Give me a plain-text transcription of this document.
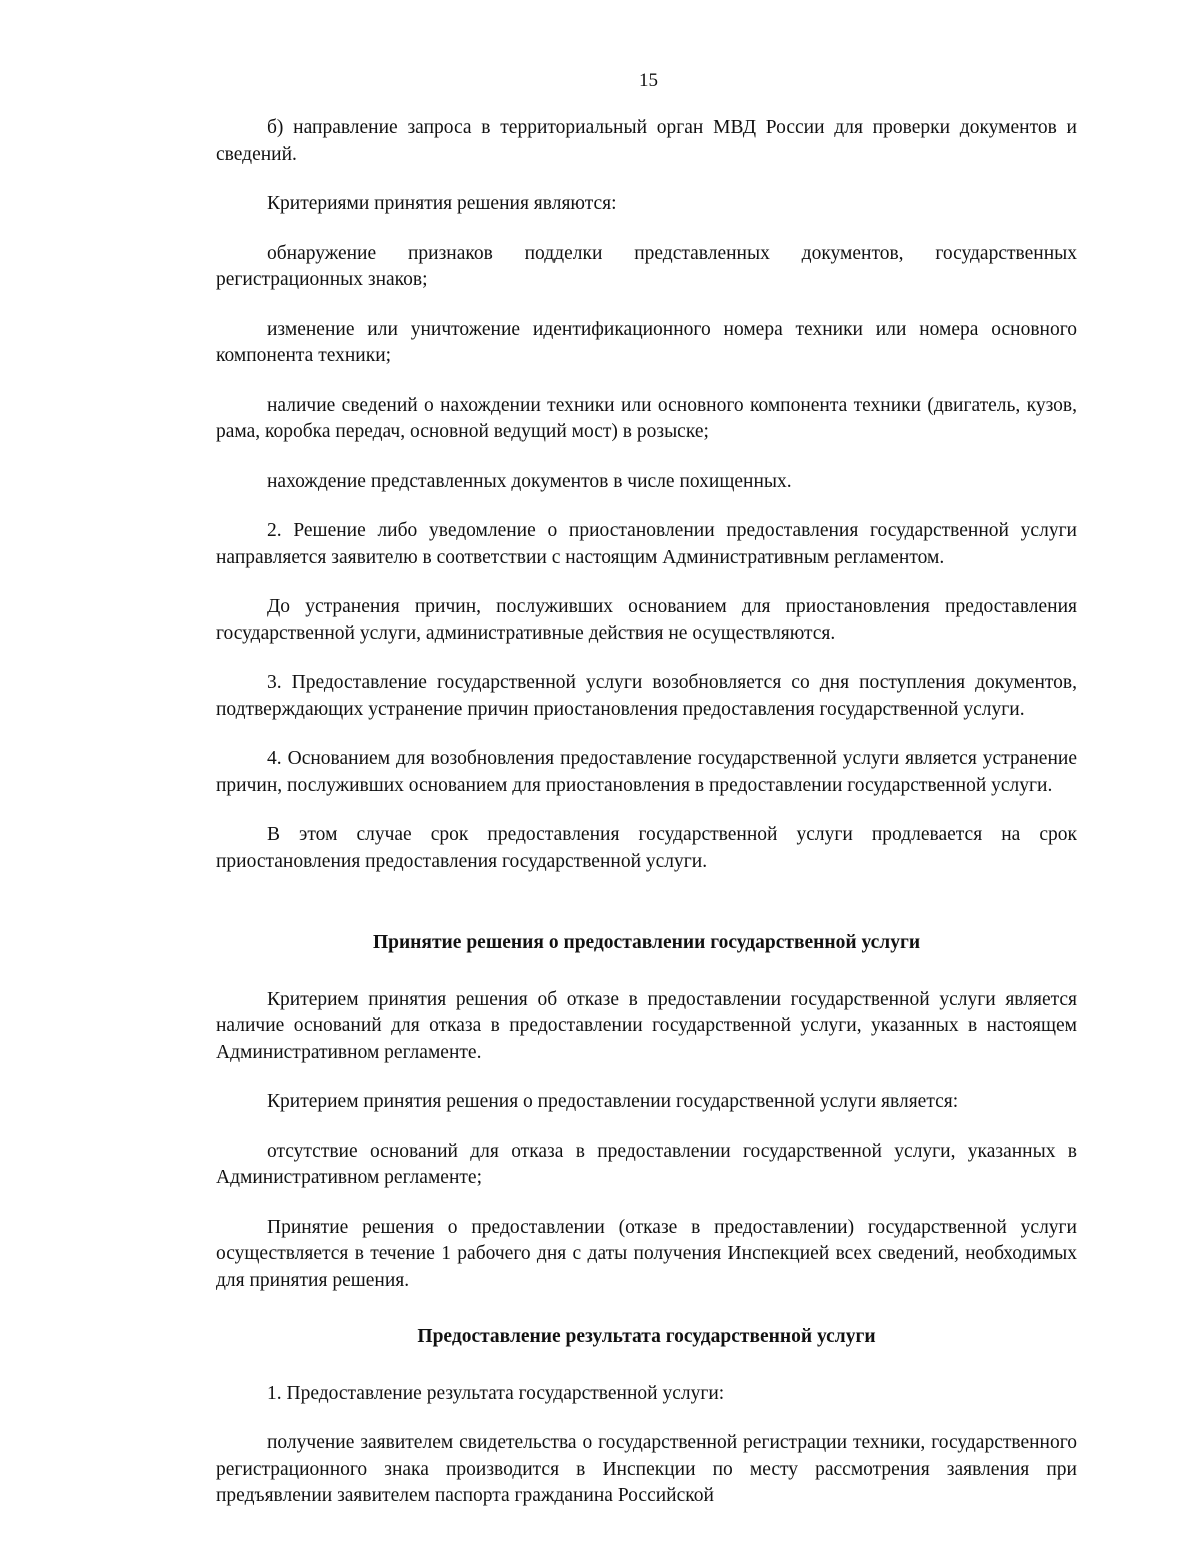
15

б) направление запроса в территориальный орган МВД России для проверки документов и сведений.

Критериями принятия решения являются:

обнаружение признаков подделки представленных документов, государственных регистрационных знаков;

изменение или уничтожение идентификационного номера техники или номера основного компонента техники;

наличие сведений о нахождении техники или основного компонента техники (двигатель, кузов, рама, коробка передач, основной ведущий мост) в розыске;

нахождение представленных документов в числе похищенных.

2. Решение либо уведомление о приостановлении предоставления государственной услуги направляется заявителю в соответствии с настоящим Административным регламентом.

До устранения причин, послуживших основанием для приостановления предоставления государственной услуги, административные действия не осуществляются.

3. Предоставление государственной услуги возобновляется со дня поступления документов, подтверждающих устранение причин приостановления предоставления государственной услуги.

4. Основанием для возобновления предоставление государственной услуги является устранение причин, послуживших основанием для приостановления в предоставлении государственной услуги.

В этом случае срок предоставления государственной услуги продлевается на срок приостановления предоставления государственной услуги.

Принятие решения о предоставлении государственной услуги

Критерием принятия решения об отказе в предоставлении государственной услуги является наличие оснований для отказа в предоставлении государственной услуги, указанных в настоящем Административном регламенте.

Критерием принятия решения о предоставлении государственной услуги является:

отсутствие оснований для отказа в предоставлении государственной услуги, указанных в Административном регламенте;

Принятие решения о предоставлении (отказе в предоставлении) государственной услуги осуществляется в течение 1 рабочего дня с даты получения Инспекцией всех сведений, необходимых для принятия решения.

Предоставление результата государственной услуги

1. Предоставление результата государственной услуги:

получение заявителем свидетельства о государственной регистрации техники, государственного регистрационного знака производится в Инспекции по месту рассмотрения заявления при предъявлении заявителем паспорта гражданина Российской
